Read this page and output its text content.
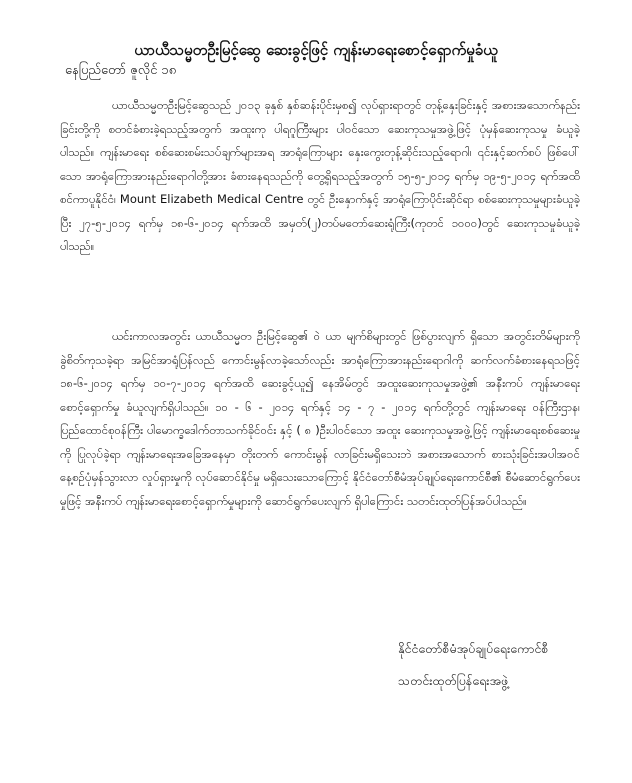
ယာယီသမ္မတဦးမြင့်ဆွေ ဆေးခွင့်ဖြင့် ကျန်းမာရေးစောင့်ရှောက်မှုခံယူ
နေပြည်တော် ဇူလိုင် ၁၈

ယာယီသမ္မတဦးမြင့်ဆွေသည် ၂၀၁၃ ခုနှစ် နှစ်ဆန်းပိုင်းမှစ၍ လုပ်ရှားရာတွင် တုန့်နှေးခြင်းနှင့် အစားအသောက်နည်းခြင်းတို့ကို စတင်ခံစားခဲ့ရသည့်အတွက် အထူးကု ပါရဂူကြီးများ ပါဝင်သော ဆေးကုသမှုအဖွဲ့ဖြင့် ပုံမှန်ဆေးကုသမှု ခံယူခဲ့ပါသည်။ ကျန်းမာရေး စစ်ဆေးစမ်းသပ်ချက်များအရ အာရုံကြောများ နှေးကွေးတုန့်ဆိုင်းသည့်ရောဂါ၊ ၎င်းနှင့်ဆက်စပ် ဖြစ်ပေါ်သော အာရုံကြောအားနည်းရောဂါတို့အား ခံစားနေရသည်ကို တွေ့ရှိရသည့်အတွက် ၁၅-၅-၂၀၁၄ ရက်မှ ၁၉-၅-၂၀၁၄ ရက်အထိ စင်ကာပူနိုင်ငံ၊ Mount Elizabeth Medical Centre တွင် ဦးနှောက်နှင့် အာရုံကြောပိုင်းဆိုင်ရာ စစ်ဆေးကုသမှုများခံယူခဲ့ပြီး ၂၇-၅-၂၀၁၄ ရက်မှ ၁၈-၆-၂၀၁၄ ရက်အထိ အမှတ်(၂)တပ်မတော်ဆေးရုံကြီး(ကုတင် ၁၀၀၀)တွင် ဆေးကုသမှုခံယူခဲ့ပါသည်။

ယင်းကာလအတွင်း ယာယီသမ္မတ ဦးမြင့်ဆွေ၏ ဝဲ ယာ မျက်စိများတွင် ဖြစ်ပွားလျက် ရှိသော အတွင်းတိမ်များကို ခွဲစိတ်ကုသခဲ့ရာ အမြင်အာရုံပြန်လည် ကောင်းမွန်လာခဲ့သော်လည်း အာရုံကြောအားနည်းရောဂါကို ဆက်လက်ခံစားနေရသဖြင့် ၁၈-၆-၂၀၁၄ ရက်မှ ၁၀-၇-၂၀၁၄ ရက်အထိ ဆေးခွင့်ယူ၍ နေအိမ်တွင် အထူးဆေးကုသမှုအဖွဲ့၏ အနီးကပ် ကျန်းမာရေးစောင့်ရှောက်မှု ခံယူလျက်ရှိပါသည်။ ၁၀ - ၆ - ၂၀၁၄ ရက်နှင့် ၁၄ - ၇ - ၂၀၁၄ ရက်တို့တွင် ကျန်းမာရေး ဝန်ကြီးဌာန၊ ပြည်ထောင်စုဝန်ကြီး ပါမောက္ခဒေါက်တာသက်ခိုင်ဝင်း နှင့် ( ၈ )ဦးပါဝင်သော အထူး ဆေးကုသမှုအဖွဲ့ဖြင့် ကျန်းမာရေးစစ်ဆေးမှုကို ပြုလုပ်ခဲ့ရာ ကျန်းမာရေးအခြေအနေမှာ တိုးတက် ကောင်းမွန် လာခြင်းမရှိသေးဘဲ အစားအသောက် စားသုံးခြင်းအပါအဝင် နေ့စဉ်ပုံမှန်သွားလာ လှုပ်ရှားမှုကို လုပ်ဆောင်နိုင်မှု မရှိသေးသောကြောင့် နိုင်ငံတော်စီမံအုပ်ချုပ်ရေးကောင်စီ၏ စီမံဆောင်ရွက်ပေးမှုဖြင့် အနီးကပ် ကျန်းမာရေးစောင့်ရှောက်မှုများကို ဆောင်ရွက်ပေးလျက် ရှိပါကြောင်း သတင်းထုတ်ပြန်အပ်ပါသည်။

နိုင်ငံတော်စီမံအုပ်ချုပ်ရေးကောင်စီ
သတင်းထုတ်ပြန်ရေးအဖွဲ့
